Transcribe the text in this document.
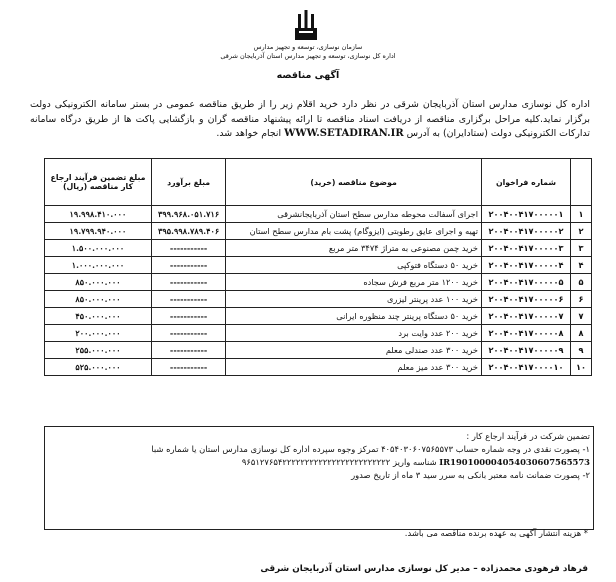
سازمان نوسازی، توسعه و تجهیز مدارس
اداره کل نوسازی، توسعه و تجهیز مدارس استان آذربایجان شرقی
آگهی مناقصه
اداره کل نوسازی مدارس استان آذربایجان شرقی در نظر دارد خرید اقلام زیر را از طریق مناقصه عمومی در بستر سامانه الکترونیکی دولت برگزار نماید.کلیه مراحل برگزاری مناقصه از دریافت اسناد مناقصه تا ارائه پیشنهاد مناقصه گران و بازگشایی پاکت ها از طریق درگاه سامانه تدارکات الکترونیکی دولت (ستادایران) به آدرس WWW.SETADIRAN.IR انجام خواهد شد.
	شماره فراخوان	موضوع مناقصه (خرید)	مبلغ برآورد	مبلغ تضمین فرآیند ارجاع کار مناقصه (ریال)
۱	۲۰۰۴۰۰۴۱۷۰۰۰۰۰۱	اجرای آسفالت محوطه مدارس سطح استان آذربایجانشرقی	۳۹۹.۹۶۸.۰۵۱.۷۱۶	۱۹.۹۹۸.۴۱۰.۰۰۰
۲	۲۰۰۴۰۰۴۱۷۰۰۰۰۰۲	تهیه و اجرای عایق رطوبتی (ایزوگام) پشت بام مدارس سطح استان	۳۹۵.۹۹۸.۷۸۹.۴۰۶	۱۹.۷۹۹.۹۴۰.۰۰۰
۳	۲۰۰۴۰۰۴۱۷۰۰۰۰۰۳	خرید چمن مصنوعی به متراژ ۳۴۷۴ متر مربع	-----------	۱.۵۰۰.۰۰۰.۰۰۰
۴	۲۰۰۴۰۰۴۱۷۰۰۰۰۰۴	خرید ۵۰ دستگاه فتوکپی	-----------	۱.۰۰۰.۰۰۰.۰۰۰
۵	۲۰۰۴۰۰۴۱۷۰۰۰۰۰۵	خرید ۱۲۰۰ متر مربع فرش سجاده	-----------	۸۵۰.۰۰۰.۰۰۰
۶	۲۰۰۴۰۰۴۱۷۰۰۰۰۰۶	خرید ۱۰۰ عدد پرینتر لیزری	-----------	۸۵۰.۰۰۰.۰۰۰
۷	۲۰۰۴۰۰۴۱۷۰۰۰۰۰۷	خرید ۵۰ دستگاه پرینتر چند منظوره ایرانی	-----------	۴۵۰.۰۰۰.۰۰۰
۸	۲۰۰۴۰۰۴۱۷۰۰۰۰۰۸	خرید ۲۰۰ عدد وایت برد	-----------	۲۰۰.۰۰۰.۰۰۰
۹	۲۰۰۴۰۰۴۱۷۰۰۰۰۰۹	خرید ۳۰۰ عدد صندلی معلم	-----------	۲۵۵.۰۰۰.۰۰۰
۱۰	۲۰۰۴۰۰۴۱۷۰۰۰۰۱۰	خرید ۳۰۰ عدد میز معلم	-----------	۵۲۵.۰۰۰.۰۰۰
تضمین شرکت در فرآیند ارجاع کار :
۱- پصورت نقدی در وجه شماره حساب ۴۰۵۴۰۳۰۶۰۷۵۶۵۵۷۳ تمرکز وجوه سپرده اداره کل نوسازی مدارس استان یا شماره شبا
IR190100004054030607565573 شناسه واریز ۹۶۵۱۲۷۶۵۴۲۲۲۲۲۲۲۲۲۲۲۲۲۲۲۲۲۲۲۲۲۲۲۲
۲- پصورت ضمانت نامه معتبر بانکی به سرر سید ۳ ماه از تاریخ صدور
* هزینه انتشار آگهی به عهده برنده مناقصه می باشد.
فرهاد فرهودی محمدزاده – مدیر کل نوسازی مدارس استان آذربایجان شرقی
